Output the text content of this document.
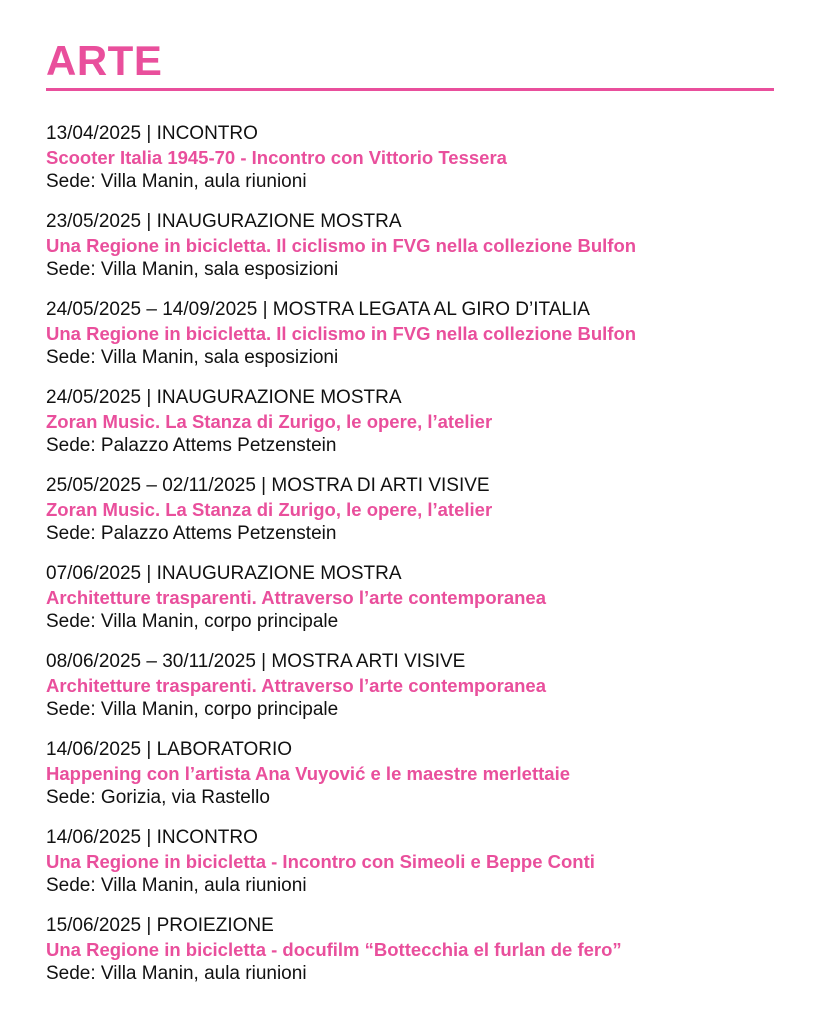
ARTE
13/04/2025 | INCONTRO
Scooter Italia 1945-70 - Incontro con Vittorio Tessera
Sede: Villa Manin, aula riunioni
23/05/2025 | INAUGURAZIONE MOSTRA
Una Regione in bicicletta. Il ciclismo in FVG nella collezione Bulfon
Sede: Villa Manin, sala esposizioni
24/05/2025 – 14/09/2025 | MOSTRA LEGATA AL GIRO D’ITALIA
Una Regione in bicicletta. Il ciclismo in FVG nella collezione Bulfon
Sede: Villa Manin, sala esposizioni
24/05/2025 | INAUGURAZIONE MOSTRA
Zoran Music. La Stanza di Zurigo, le opere, l’atelier
Sede: Palazzo Attems Petzenstein
25/05/2025 – 02/11/2025 | MOSTRA DI ARTI VISIVE
Zoran Music. La Stanza di Zurigo, le opere, l’atelier
Sede: Palazzo Attems Petzenstein
07/06/2025 | INAUGURAZIONE MOSTRA
Architetture trasparenti. Attraverso l’arte contemporanea
Sede: Villa Manin, corpo principale
08/06/2025 – 30/11/2025 | MOSTRA ARTI VISIVE
Architetture trasparenti. Attraverso l’arte contemporanea
Sede: Villa Manin, corpo principale
14/06/2025 | LABORATORIO
Happening con l’artista Ana Vuyović e le maestre merlettaie
Sede: Gorizia, via Rastello
14/06/2025 | INCONTRO
Una Regione in bicicletta - Incontro con Simeoli e Beppe Conti
Sede: Villa Manin, aula riunioni
15/06/2025 | PROIEZIONE
Una Regione in bicicletta - docufilm “Bottecchia el furlan de fero”
Sede: Villa Manin, aula riunioni
